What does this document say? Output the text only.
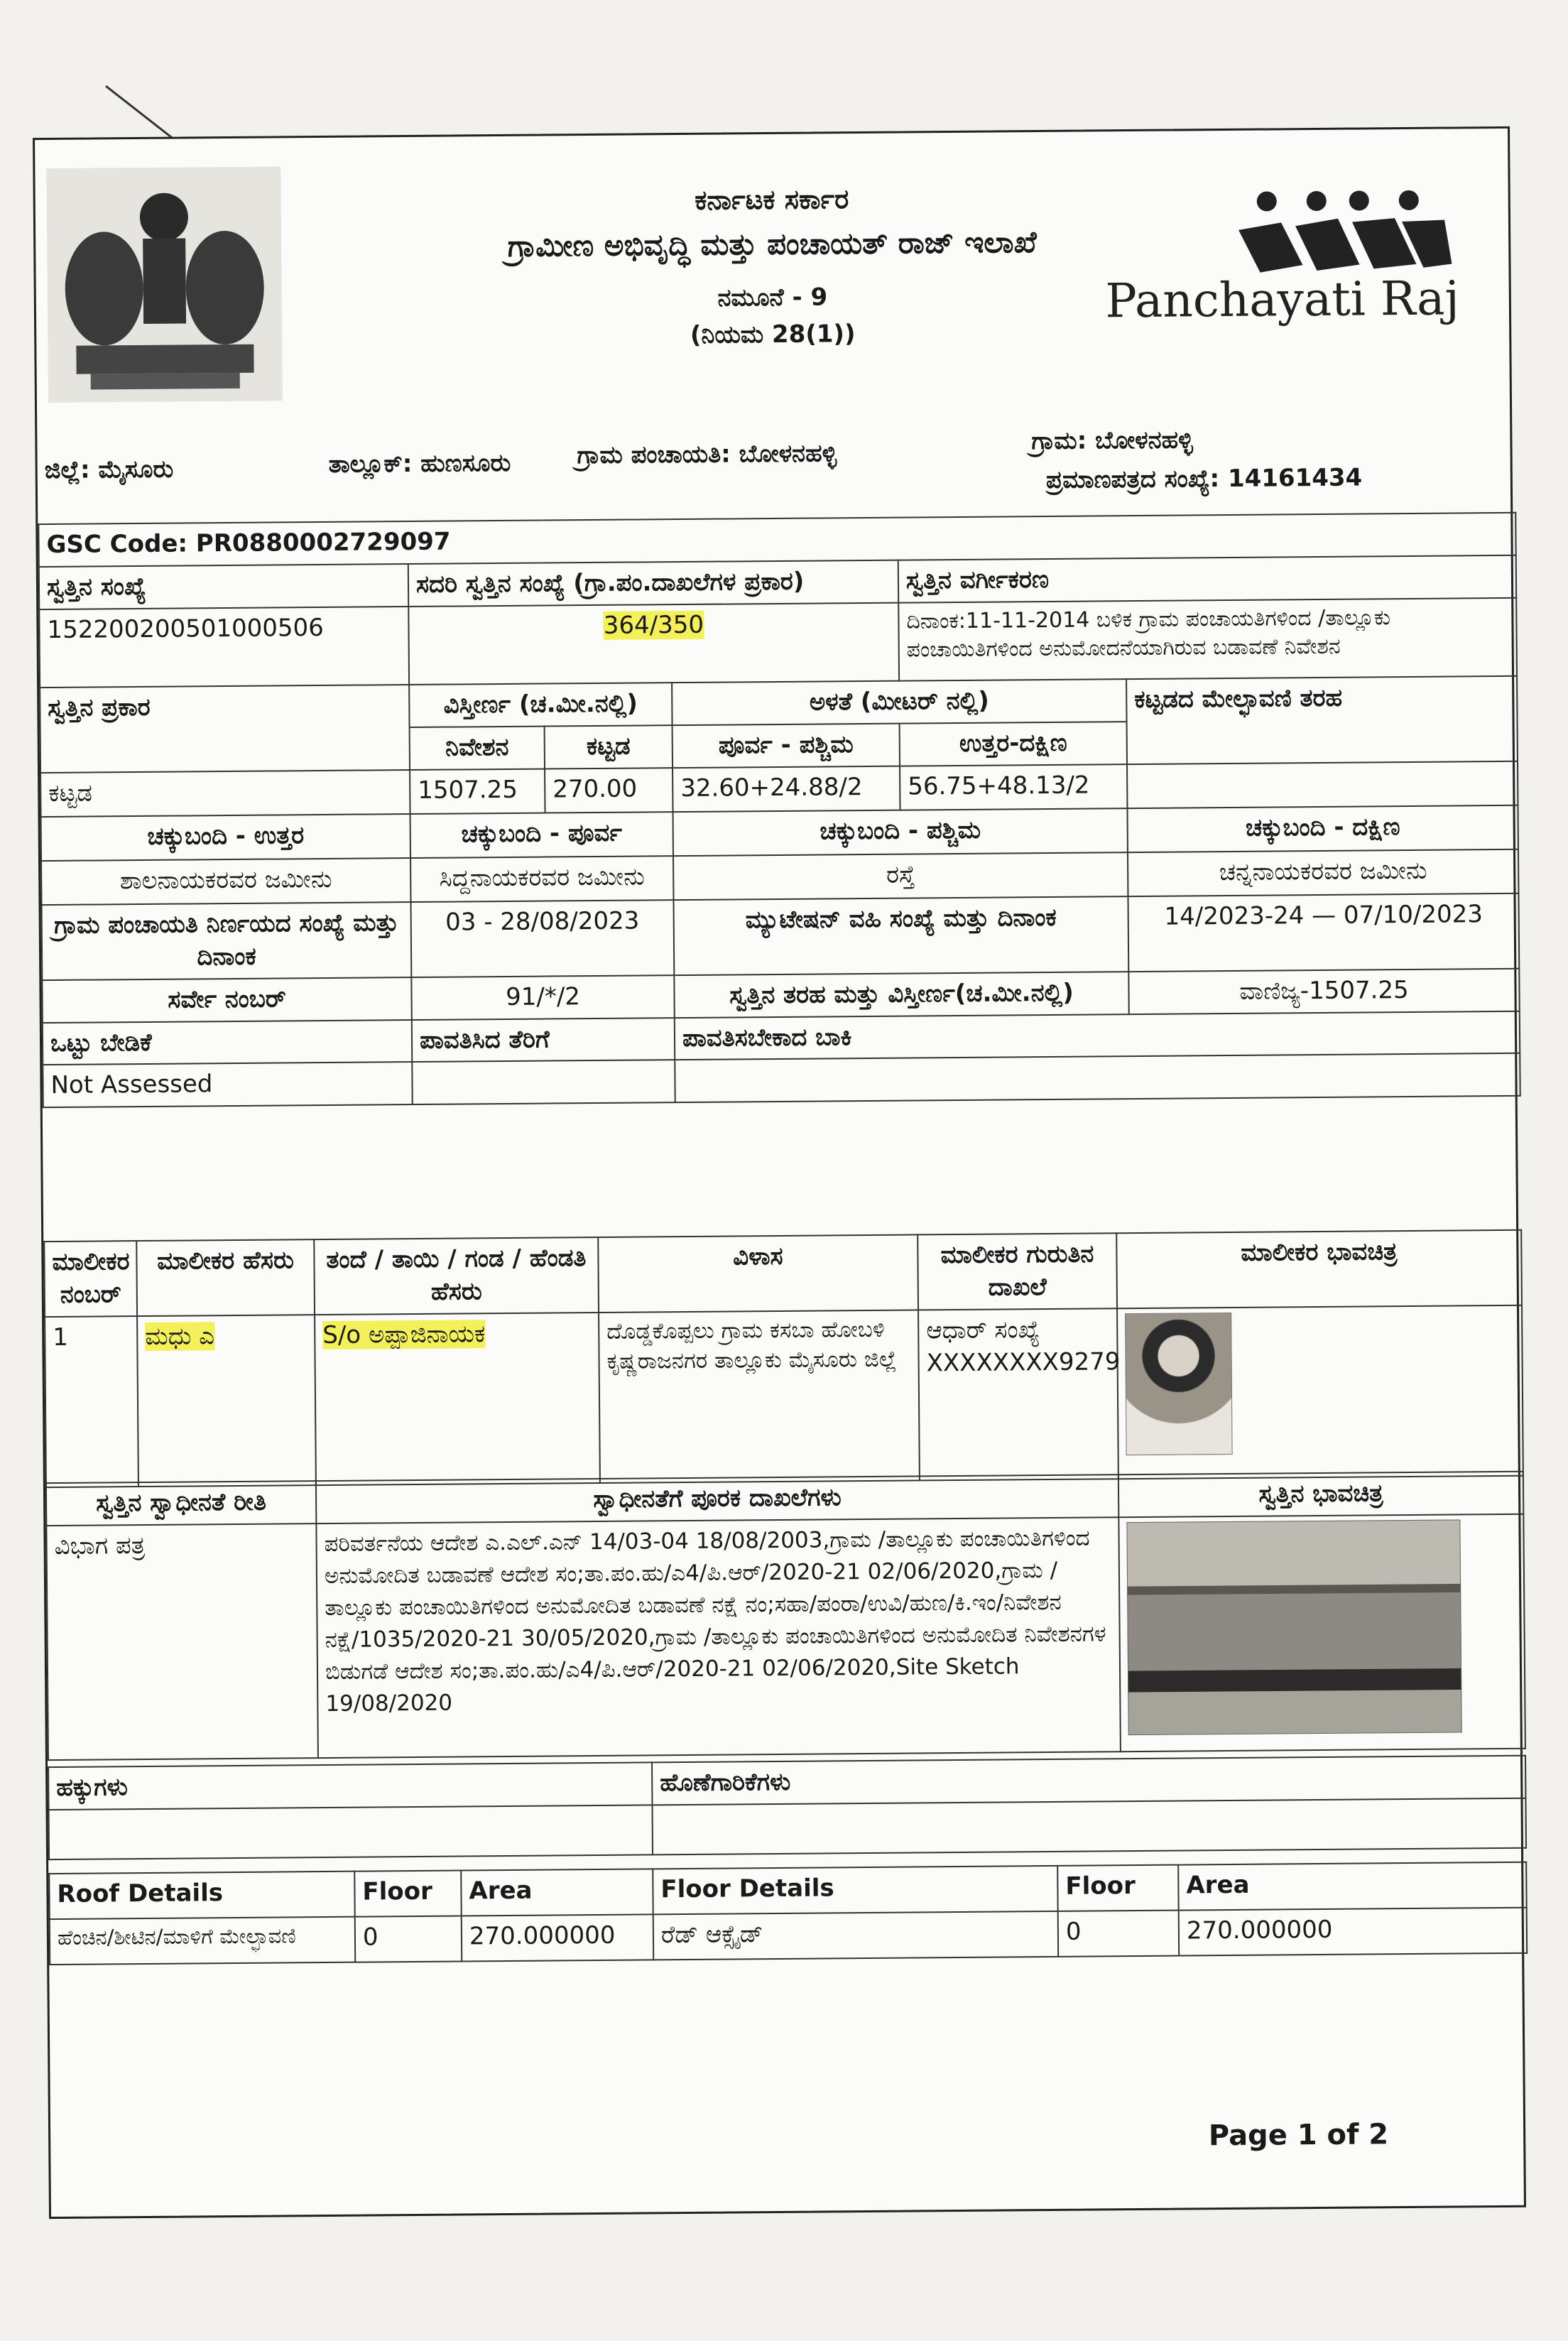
ಕರ್ನಾಟಕ ಸರ್ಕಾರ
ಗ್ರಾಮೀಣ ಅಭಿವೃದ್ಧಿ ಮತ್ತು ಪಂಚಾಯತ್ ರಾಜ್ ಇಲಾಖೆ
ನಮೂನೆ - 9
(ನಿಯಮ 28(1))
Panchayati Raj
ಜಿಲ್ಲೆ: ಮೈಸೂರು	ತಾಲ್ಲೂಕ್: ಹುಣಸೂರು	ಗ್ರಾಮ ಪಂಚಾಯತಿ: ಬೋಳನಹಳ್ಳಿ	ಗ್ರಾಮ: ಬೋಳನಹಳ್ಳಿ
ಪ್ರಮಾಣಪತ್ರದ ಸಂಖ್ಯೆ: 14161434
GSC Code: PR0880002729097					
ಸ್ವತ್ತಿನ ಸಂಖ್ಯೆ	ಸದರಿ ಸ್ವತ್ತಿನ ಸಂಖ್ಯೆ (ಗ್ರಾ.ಪಂ.ದಾಖಲೆಗಳ ಪ್ರಕಾರ)			ಸ್ವತ್ತಿನ ವರ್ಗೀಕರಣ	
152200200501000506	364/350			ದಿನಾಂಕ:11-11-2014 ಬಳಿಕ ಗ್ರಾಮ ಪಂಚಾಯತಿಗಳಿಂದ /ತಾಲ್ಲೂಕು ಪಂಚಾಯಿತಿಗಳಿಂದ ಅನುಮೋದನೆಯಾಗಿರುವ ಬಡಾವಣೆ ನಿವೇಶನ	
ಸ್ವತ್ತಿನ ಪ್ರಕಾರ	ವಿಸ್ತೀರ್ಣ (ಚ.ಮೀ.ನಲ್ಲಿ)		ಅಳತೆ (ಮೀಟರ್ ನಲ್ಲಿ)		ಕಟ್ಟಡದ ಮೇಲ್ಛಾವಣಿ ತರಹ
	ನಿವೇಶನ	ಕಟ್ಟಡ	ಪೂರ್ವ - ಪಶ್ಚಿಮ	ಉತ್ತರ-ದಕ್ಷಿಣ	
ಕಟ್ಟಡ	1507.25	270.00	32.60+24.88/2	56.75+48.13/2	
ಚಕ್ಕುಬಂದಿ - ಉತ್ತರ	ಚಕ್ಕುಬಂದಿ - ಪೂರ್ವ		ಚಕ್ಕುಬಂದಿ - ಪಶ್ಚಿಮ		ಚಕ್ಕುಬಂದಿ - ದಕ್ಷಿಣ
ಶಾಲನಾಯಕರವರ ಜಮೀನು	ಸಿದ್ದನಾಯಕರವರ ಜಮೀನು		ರಸ್ತೆ		ಚನ್ನನಾಯಕರವರ ಜಮೀನು
ಗ್ರಾಮ ಪಂಚಾಯತಿ ನಿರ್ಣಯದ ಸಂಖ್ಯೆ ಮತ್ತು ದಿನಾಂಕ	03 - 28/08/2023		ಮ್ಯುಟೇಷನ್ ವಹಿ ಸಂಖ್ಯೆ ಮತ್ತು ದಿನಾಂಕ		14/2023-24 — 07/10/2023
ಸರ್ವೇ ನಂಬರ್	91/*/2		ಸ್ವತ್ತಿನ ತರಹ ಮತ್ತು ವಿಸ್ತೀರ್ಣ(ಚ.ಮೀ.ನಲ್ಲಿ)		ವಾಣಿಜ್ಯ-1507.25
ಒಟ್ಟು ಬೇಡಿಕೆ	ಪಾವತಿಸಿದ ತೆರಿಗೆ		ಪಾವತಿಸಬೇಕಾದ ಬಾಕಿ		
Not Assessed					
ಮಾಲೀಕರ ನಂಬರ್	ಮಾಲೀಕರ ಹೆಸರು	ತಂದೆ / ತಾಯಿ / ಗಂಡ / ಹೆಂಡತಿ ಹೆಸರು	ವಿಳಾಸ	ಮಾಲೀಕರ ಗುರುತಿನ ದಾಖಲೆ	ಮಾಲೀಕರ ಭಾವಚಿತ್ರ
1	ಮಧು ಎ	S/o ಅಪ್ಪಾಜಿನಾಯಕ	ದೊಡ್ಡಕೊಪ್ಪಲು ಗ್ರಾಮ ಕಸಬಾ ಹೋಬಳಿ ಕೃಷ್ಣರಾಜನಗರ ತಾಲ್ಲೂಕು ಮೈಸೂರು ಜಿಲ್ಲೆ	ಆಧಾರ್ ಸಂಖ್ಯೆ XXXXXXXX9279	
ಸ್ವತ್ತಿನ ಸ್ವಾಧೀನತೆ ರೀತಿ	ಸ್ವಾಧೀನತೆಗೆ ಪೂರಕ ದಾಖಲೆಗಳು	ಸ್ವತ್ತಿನ ಭಾವಚಿತ್ರ
ವಿಭಾಗ ಪತ್ರ	ಪರಿವರ್ತನೆಯ ಆದೇಶ ಎ.ಎಲ್.ಎನ್ 14/03-04 18/08/2003,ಗ್ರಾಮ /ತಾಲ್ಲೂಕು ಪಂಚಾಯಿತಿಗಳಿಂದ ಅನುಮೋದಿತ ಬಡಾವಣೆ ಆದೇಶ ಸಂ;ತಾ.ಪಂ.ಹು/ಎ4/ಪಿ.ಆರ್/2020-21 02/06/2020,ಗ್ರಾಮ /ತಾಲ್ಲೂಕು ಪಂಚಾಯಿತಿಗಳಿಂದ ಅನುಮೋದಿತ ಬಡಾವಣೆ ನಕ್ಷೆ ನಂ;ಸಹಾ/ಪಂರಾ/ಉವಿ/ಹುಣ/ಕಿ.ಇಂ/ನಿವೇಶನ ನಕ್ಷೆ/1035/2020-21 30/05/2020,ಗ್ರಾಮ /ತಾಲ್ಲೂಕು ಪಂಚಾಯಿತಿಗಳಿಂದ ಅನುಮೋದಿತ ನಿವೇಶನಗಳ ಬಿಡುಗಡೆ ಆದೇಶ ಸಂ;ತಾ.ಪಂ.ಹು/ಎ4/ಪಿ.ಆರ್/2020-21 02/06/2020,Site Sketch 19/08/2020	
ಹಕ್ಕುಗಳು	ಹೊಣೆಗಾರಿಕೆಗಳು

Roof Details	Floor	Area	Floor Details	Floor	Area
ಹೆಂಚಿನ/ಶೀಟಿನ/ಮಾಳಿಗೆ ಮೇಲ್ಛಾವಣಿ	0	270.000000	ರೆಡ್ ಆಕ್ಸೈಡ್	0	270.000000
Page 1 of 2
